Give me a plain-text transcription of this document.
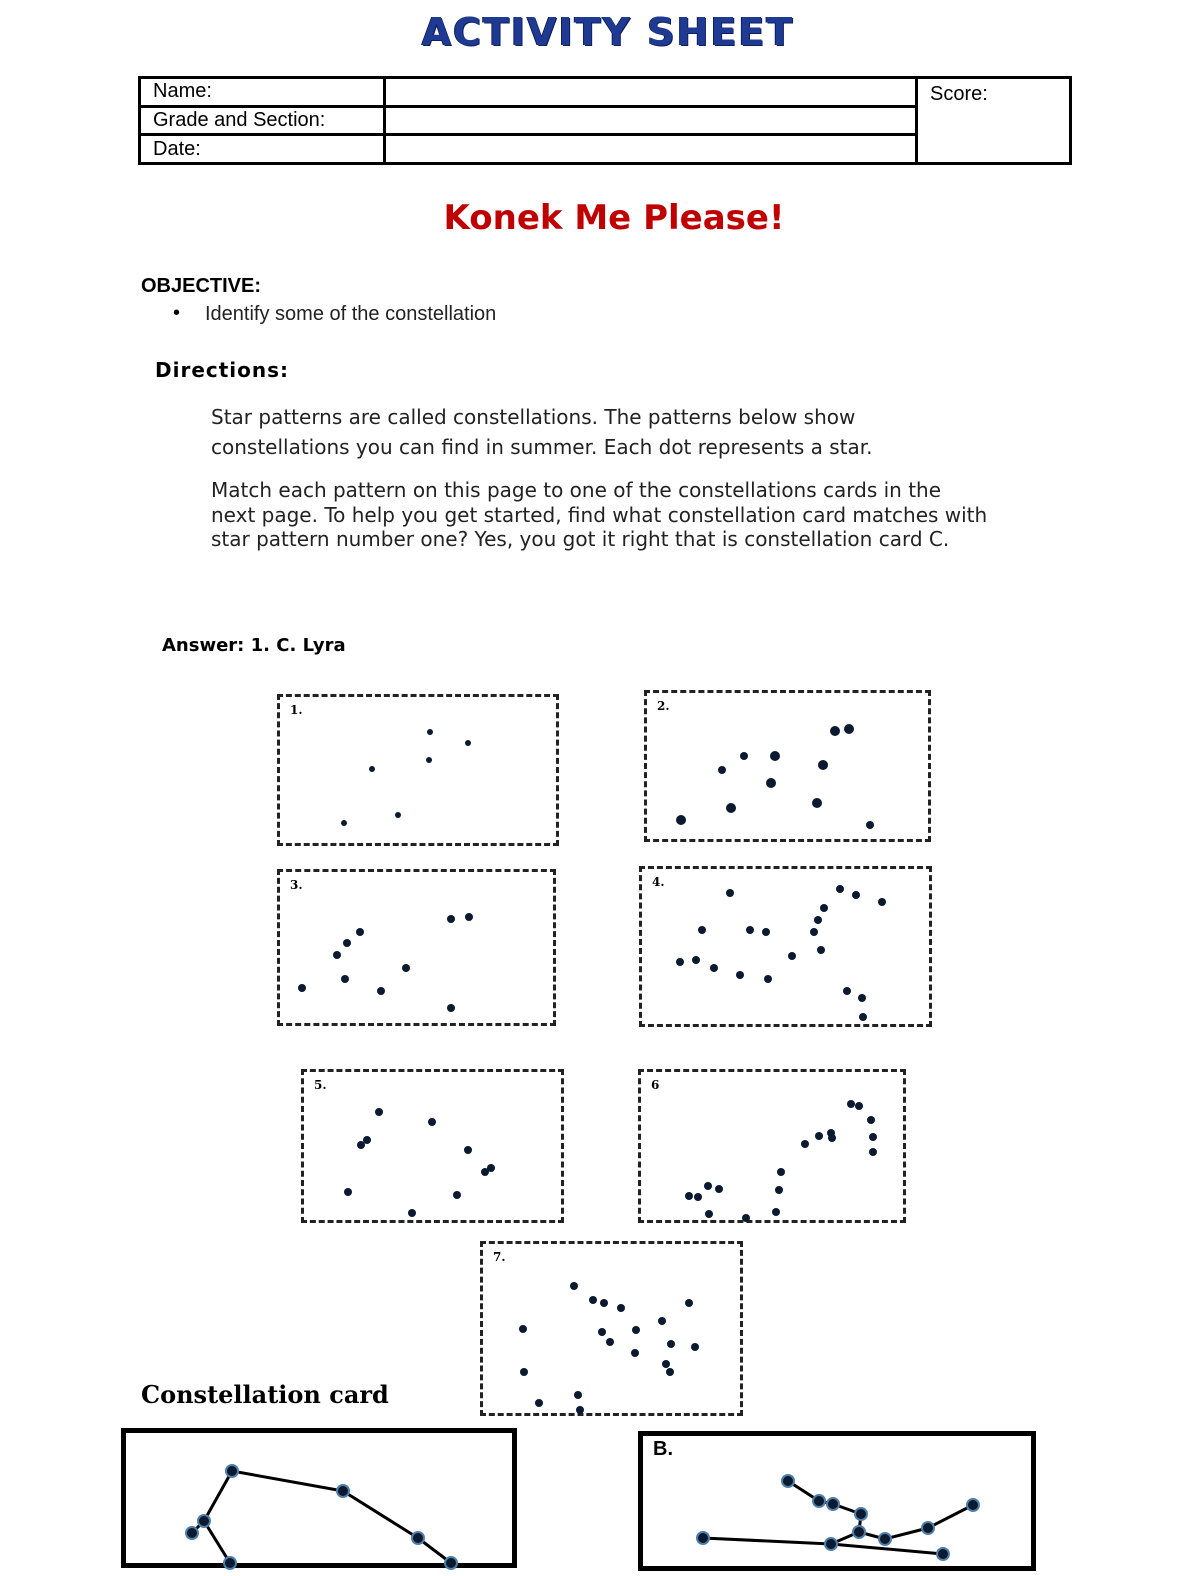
ACTIVITY SHEET
Name:		Score:
Grade and Section:		
Date:		
Konek Me Please!
OBJECTIVE:
• Identify some of the constellation
Directions:
Star patterns are called constellations. The patterns below show constellations you can find in summer. Each dot represents a star.
Match each pattern on this page to one of the constellations cards in the next page. To help you get started, find what constellation card matches with star pattern number one? Yes, you got it right that is constellation card C.
Answer: 1. C. Lyra
1.	2.
3.	4.
5.	6
7.
Constellation card
B.
